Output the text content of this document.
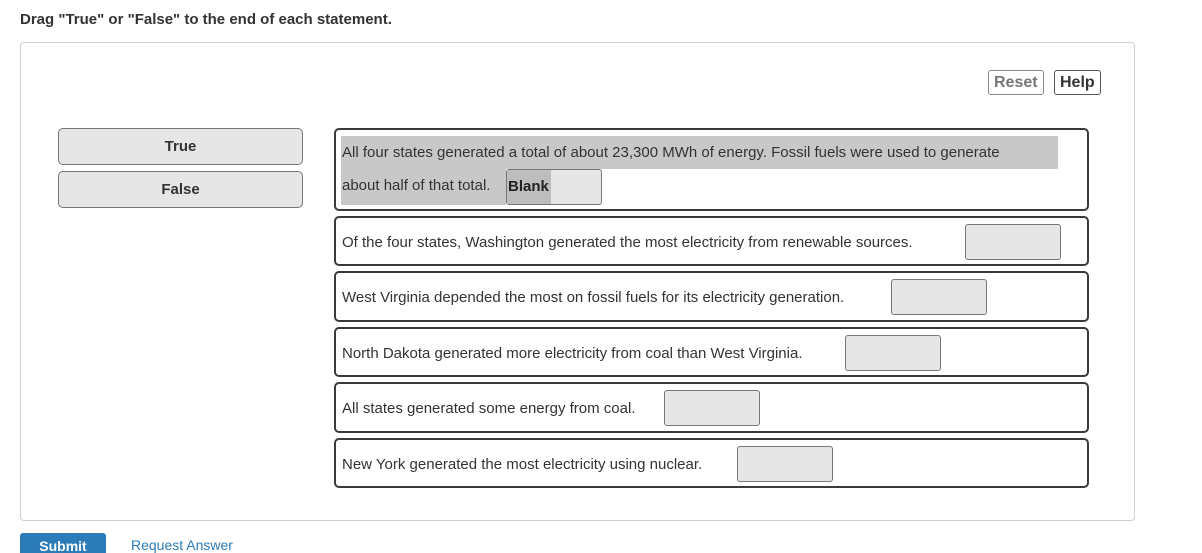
Drag "True" or "False" to the end of each statement.
Reset	Help
True
False
All four states generated a total of about 23,300 MWh of energy. Fossil fuels were used to generate
about half of that total. Blank
Of the four states, Washington generated the most electricity from renewable sources.
West Virginia depended the most on fossil fuels for its electricity generation.
North Dakota generated more electricity from coal than West Virginia.
All states generated some energy from coal.
New York generated the most electricity using nuclear.
Submit	Request Answer
